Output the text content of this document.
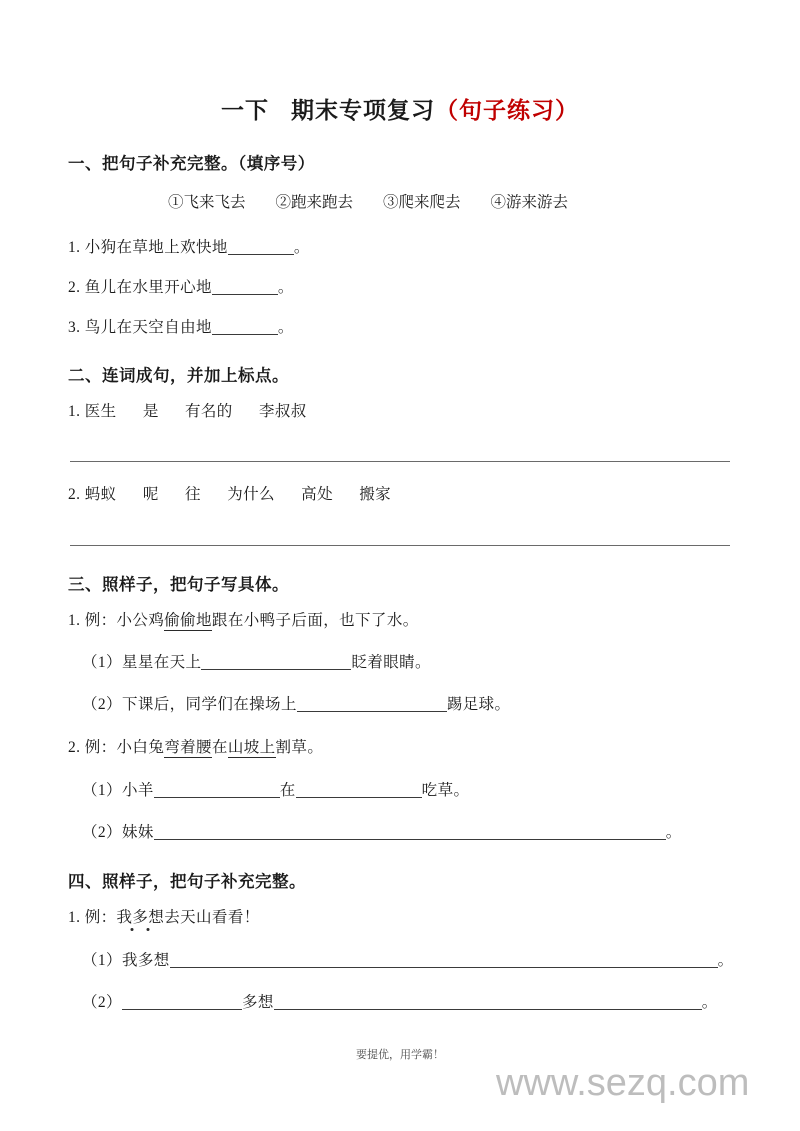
一下 期末专项复习（句子练习）
一、把句子补充完整。（填序号）
①飞来飞去 ②跑来跑去 ③爬来爬去 ④游来游去
1. 小狗在草地上欢快地	。
2. 鱼儿在水里开心地	。
3. 鸟儿在天空自由地	。
二、连词成句，并加上标点。
1. 医生 是 有名的 李叔叔
2. 蚂蚁 呢 往 为什么 高处 搬家
三、照样子，把句子写具体。
1. 例：小公鸡偷偷地跟在小鸭子后面，也下了水。
（1）星星在天上	眨着眼睛。
（2）下课后，同学们在操场上	踢足球。
2. 例：小白兔弯着腰在山坡上割草。
（1）小羊	在	吃草。
（2）妹妹	。
四、照样子，把句子补充完整。
1. 例：我多想去天山看看！
（1）我多想	。
（2）	多想	。
要提优，用学霸！
www.sezq.com
